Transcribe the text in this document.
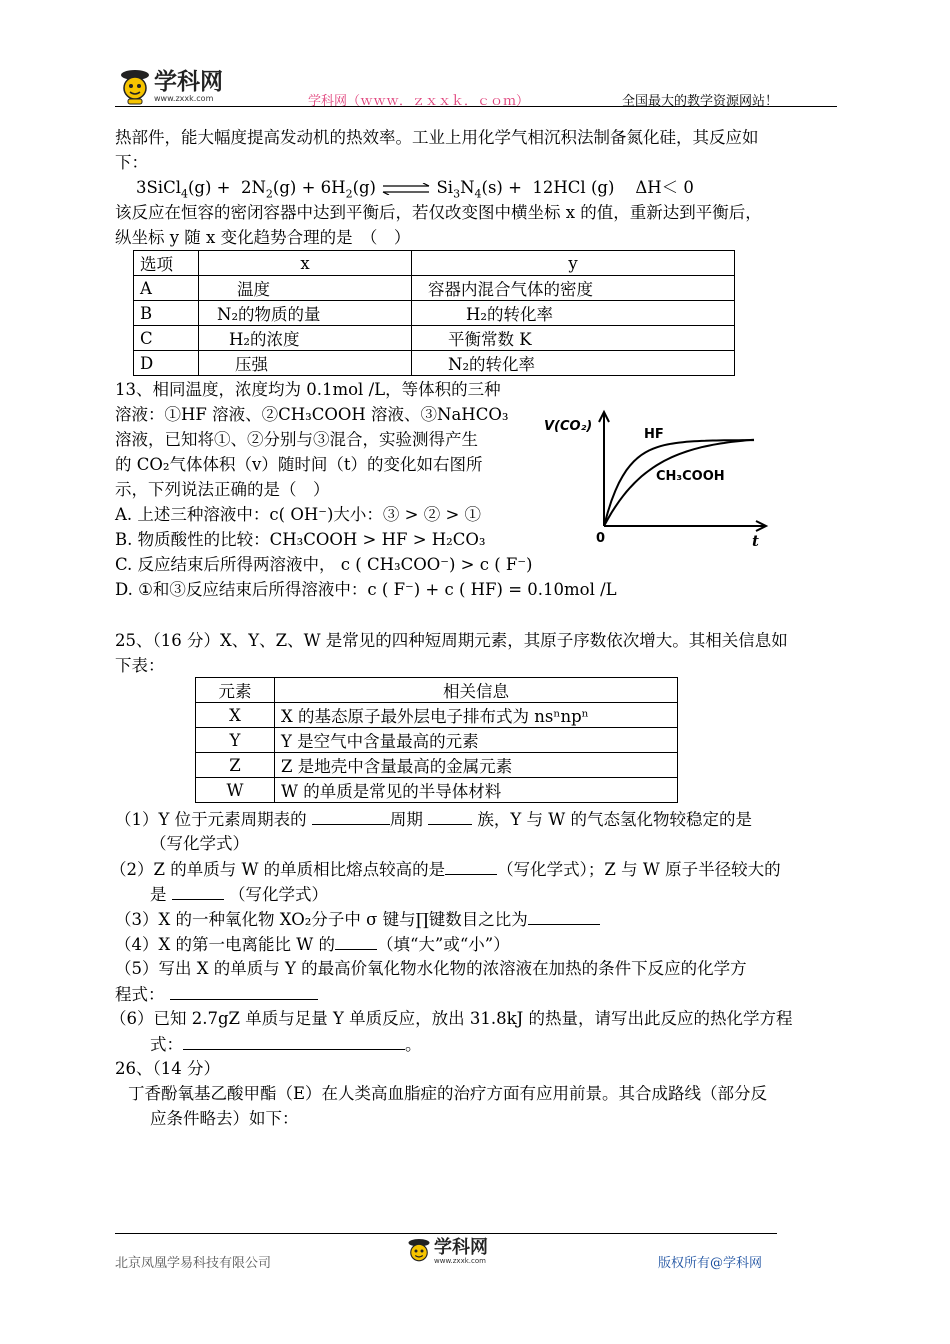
学科网
www.zxxk.com	学科网（ｗｗｗ．ｚｘｘｋ．ｃｏｍ）	全国最大的教学资源网站！
热部件，能大幅度提高发动机的热效率。工业上用化学气相沉积法制备氮化硅，其反应如
下：
3SiCl$_4$(g) +  $2N_2(g) + 6H_2(g)$ ⇌ $Si_3N_4(s) + 12HCl$ (g)    ΔH＜ 0
该反应在恒容的密闭容器中达到平衡后，若仅改变图中横坐标 x 的值，重新达到平衡后，
纵坐标 y 随 x 变化趋势合理的是　（　）
选项	x	y
A	温度	容器内混合气体的密度
B	N₂的物质的量	H₂的转化率
C	H₂的浓度	平衡常数 K
D	压强	N₂的转化率
13、相同温度，浓度均为 0.1mol /L，等体积的三种
溶液：①HF 溶液、②CH₃COOH 溶液、③NaHCO₃
溶液，已知将①、②分别与③混合，实验测得产生
的 CO₂气体体积（v）随时间（t）的变化如右图所
示，下列说法正确的是（　）
A. 上述三种溶液中：c( OH⁻)大小：③ > ② > ①
B. 物质酸性的比较：CH₃COOH > HF > H₂CO₃
C. 反应结束后所得两溶液中， c ( CH₃COO⁻) > c ( F⁻)
D. ①和③反应结束后所得溶液中：c ( F⁻) + c ( HF) = 0.10mol /L
V(CO₂)
HF
CH₃COOH
0	t
25、（16 分）X、Y、Z、W 是常见的四种短周期元素，其原子序数依次增大。其相关信息如
下表：
元素	相关信息
X	X 的基态原子最外层电子排布式为 nsⁿnpⁿ
Y	Y 是空气中含量最高的元素
Z	Z 是地壳中含量最高的金属元素
W	W 的单质是常见的半导体材料
（1）Y 位于元素周期表的	周期	族，Y 与 W 的气态氢化物较稳定的是
（写化学式）
（2）Z 的单质与 W 的单质相比熔点较高的是	（写化学式）；Z 与 W 原子半径较大的
是	（写化学式）
（3）X 的一种氧化物 XO₂分子中 σ 键与∏键数目之比为
（4）X 的第一电离能比 W 的	（填“大”或“小”）
（5）写出 X 的单质与 Y 的最高价氧化物水化物的浓溶液在加热的条件下反应的化学方
程式：
（6）已知 2.7gZ 单质与足量 Y 单质反应，放出 31.8kJ 的热量，请写出此反应的热化学方程
式：	。
26、（14 分）
丁香酚氧基乙酸甲酯（E）在人类高血脂症的治疗方面有应用前景。其合成路线（部分反
应条件略去）如下：
北京凤凰学易科技有限公司
学科网
www.zxxk.com	版权所有@学科网
